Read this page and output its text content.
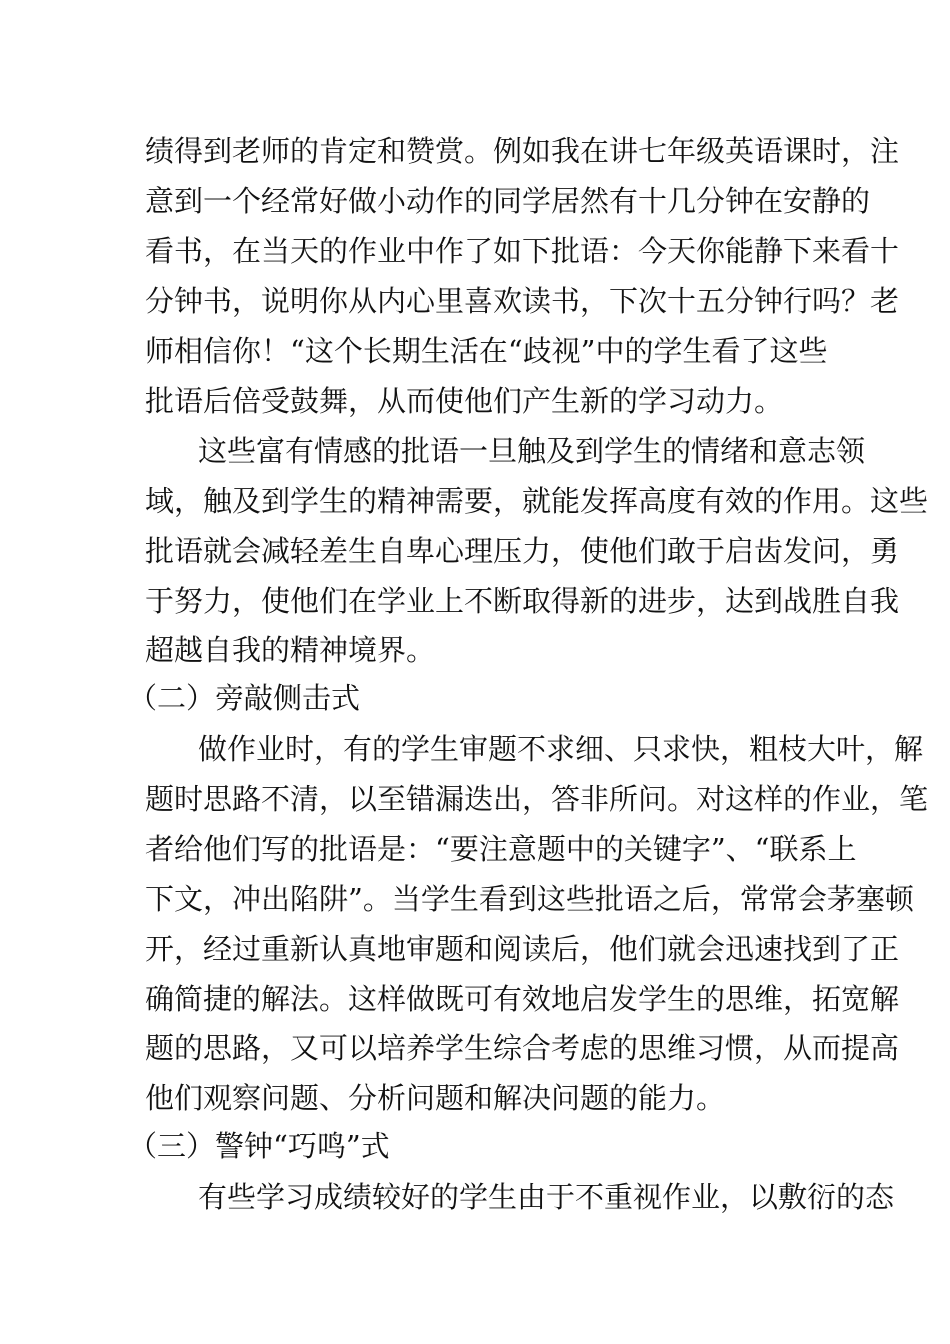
绩得到老师的肯定和赞赏。例如我在讲七年级英语课时，注
意到一个经常好做小动作的同学居然有十几分钟在安静的
看书，在当天的作业中作了如下批语：今天你能静下来看十
分钟书，说明你从内心里喜欢读书，下次十五分钟行吗？老
师相信你！“这个长期生活在“歧视”中的学生看了这些
批语后倍受鼓舞，从而使他们产生新的学习动力。
这些富有情感的批语一旦触及到学生的情绪和意志领
域，触及到学生的精神需要，就能发挥高度有效的作用。这些
批语就会减轻差生自卑心理压力，使他们敢于启齿发问，勇
于努力，使他们在学业上不断取得新的进步，达到战胜自我
超越自我的精神境界。
（二）旁敲侧击式
做作业时，有的学生审题不求细、只求快，粗枝大叶，解
题时思路不清，以至错漏迭出，答非所问。对这样的作业，笔
者给他们写的批语是：“要注意题中的关键字”、“联系上
下文，冲出陷阱”。当学生看到这些批语之后，常常会茅塞顿
开，经过重新认真地审题和阅读后，他们就会迅速找到了正
确简捷的解法。这样做既可有效地启发学生的思维，拓宽解
题的思路，又可以培养学生综合考虑的思维习惯，从而提高
他们观察问题、分析问题和解决问题的能力。
（三）警钟“巧鸣”式
有些学习成绩较好的学生由于不重视作业，以敷衍的态
